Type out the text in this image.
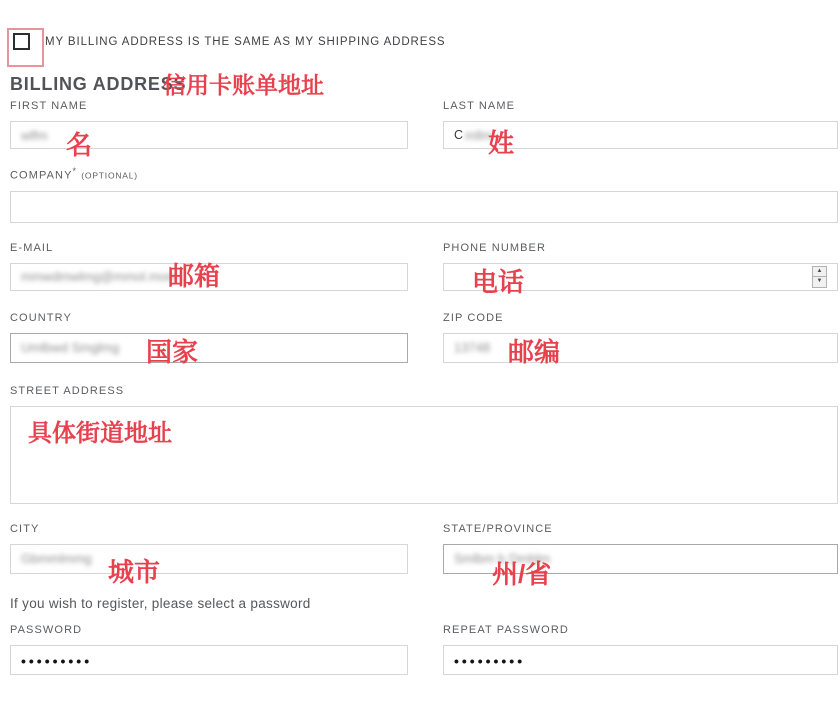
MY BILLING ADDRESS IS THE SAME AS MY SHIPPING ADDRESS
BILLING ADDRESS
FIRST NAME
wlfm
LAST NAME
C mllm
COMPANY* (OPTIONAL)
E-MAIL
mmwdmwlmg@mmol.mom
PHONE NUMBER
▲
▼
COUNTRY
Umlbwd Smglmg
ZIP CODE
13748
STREET ADDRESS
CITY
Gbmmlmmg
STATE/PROVINCE
Smlbm b Dmblm

If you wish to register, please select a password

PASSWORD
•••••••••
REPEAT PASSWORD
•••••••••
信用卡账单地址
名	姓
邮箱	电话
国家	邮编
具体街道地址
城市	州/省
